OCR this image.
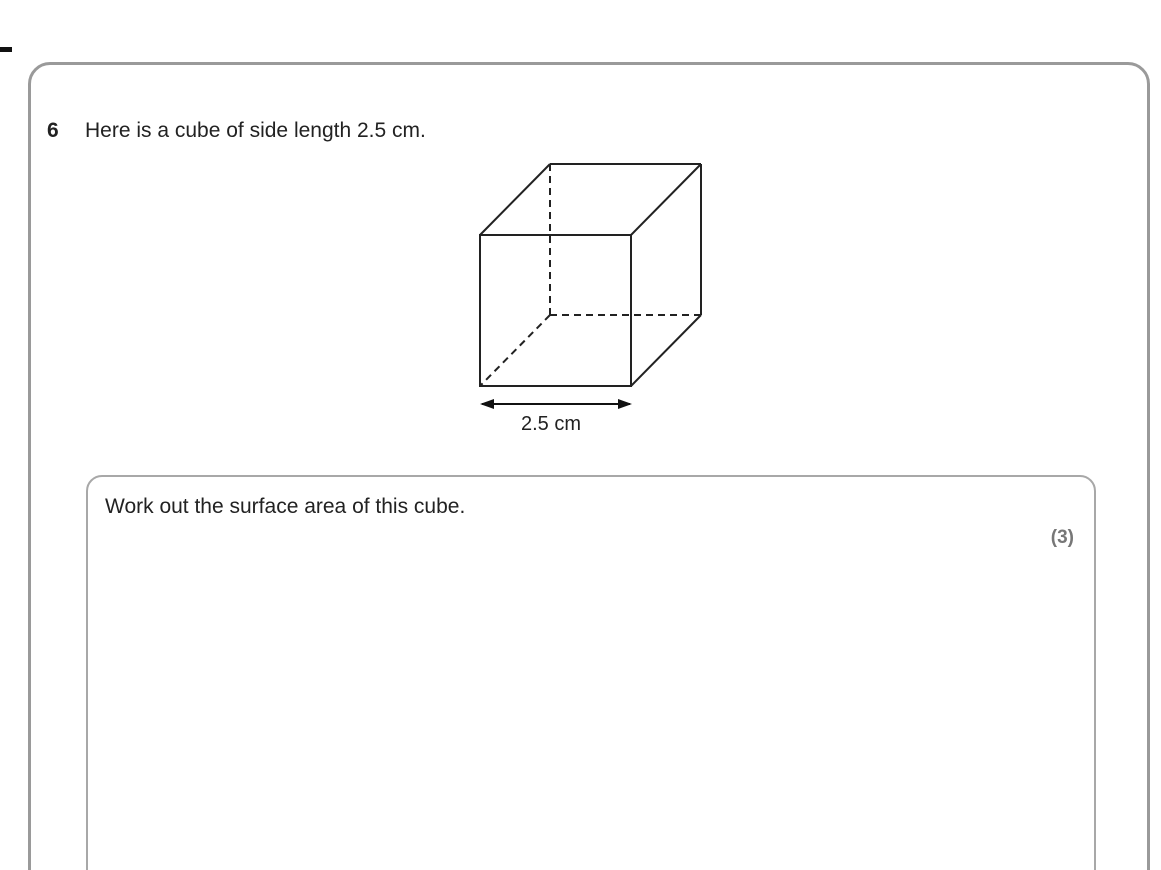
6 Here is a cube of side length 2.5 cm.
2.5 cm
Work out the surface area of this cube.
(3)
